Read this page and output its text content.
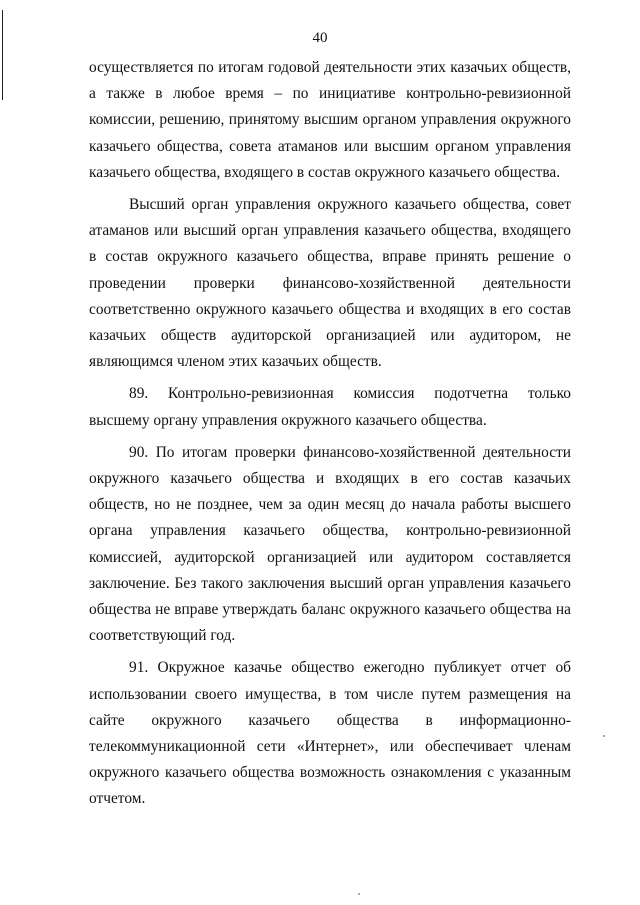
40

осуществляется по итогам годовой деятельности этих казачьих обществ, а также в любое время – по инициативе контрольно-ревизионной комиссии, решению, принятому высшим органом управления окружного казачьего общества, совета атаманов или высшим органом управления казачьего общества, входящего в состав окружного казачьего общества.

Высший орган управления окружного казачьего общества, совет атаманов или высший орган управления казачьего общества, входящего в состав окружного казачьего общества, вправе принять решение о проведении проверки финансово-хозяйственной деятельности соответственно окружного казачьего общества и входящих в его состав казачьих обществ аудиторской организацией или аудитором, не являющимся членом этих казачьих обществ.

89. Контрольно-ревизионная комиссия подотчетна только высшему органу управления окружного казачьего общества.

90. По итогам проверки финансово-хозяйственной деятельности окружного казачьего общества и входящих в его состав казачьих обществ, но не позднее, чем за один месяц до начала работы высшего органа управления казачьего общества, контрольно-ревизионной комиссией, аудиторской организацией или аудитором составляется заключение. Без такого заключения высший орган управления казачьего общества не вправе утверждать баланс окружного казачьего общества на соответствующий год.

91. Окружное казачье общество ежегодно публикует отчет об использовании своего имущества, в том числе путем размещения на сайте окружного казачьего общества в информационно-телекоммуникационной сети «Интернет», или обеспечивает членам окружного казачьего общества возможность ознакомления с указанным отчетом.
